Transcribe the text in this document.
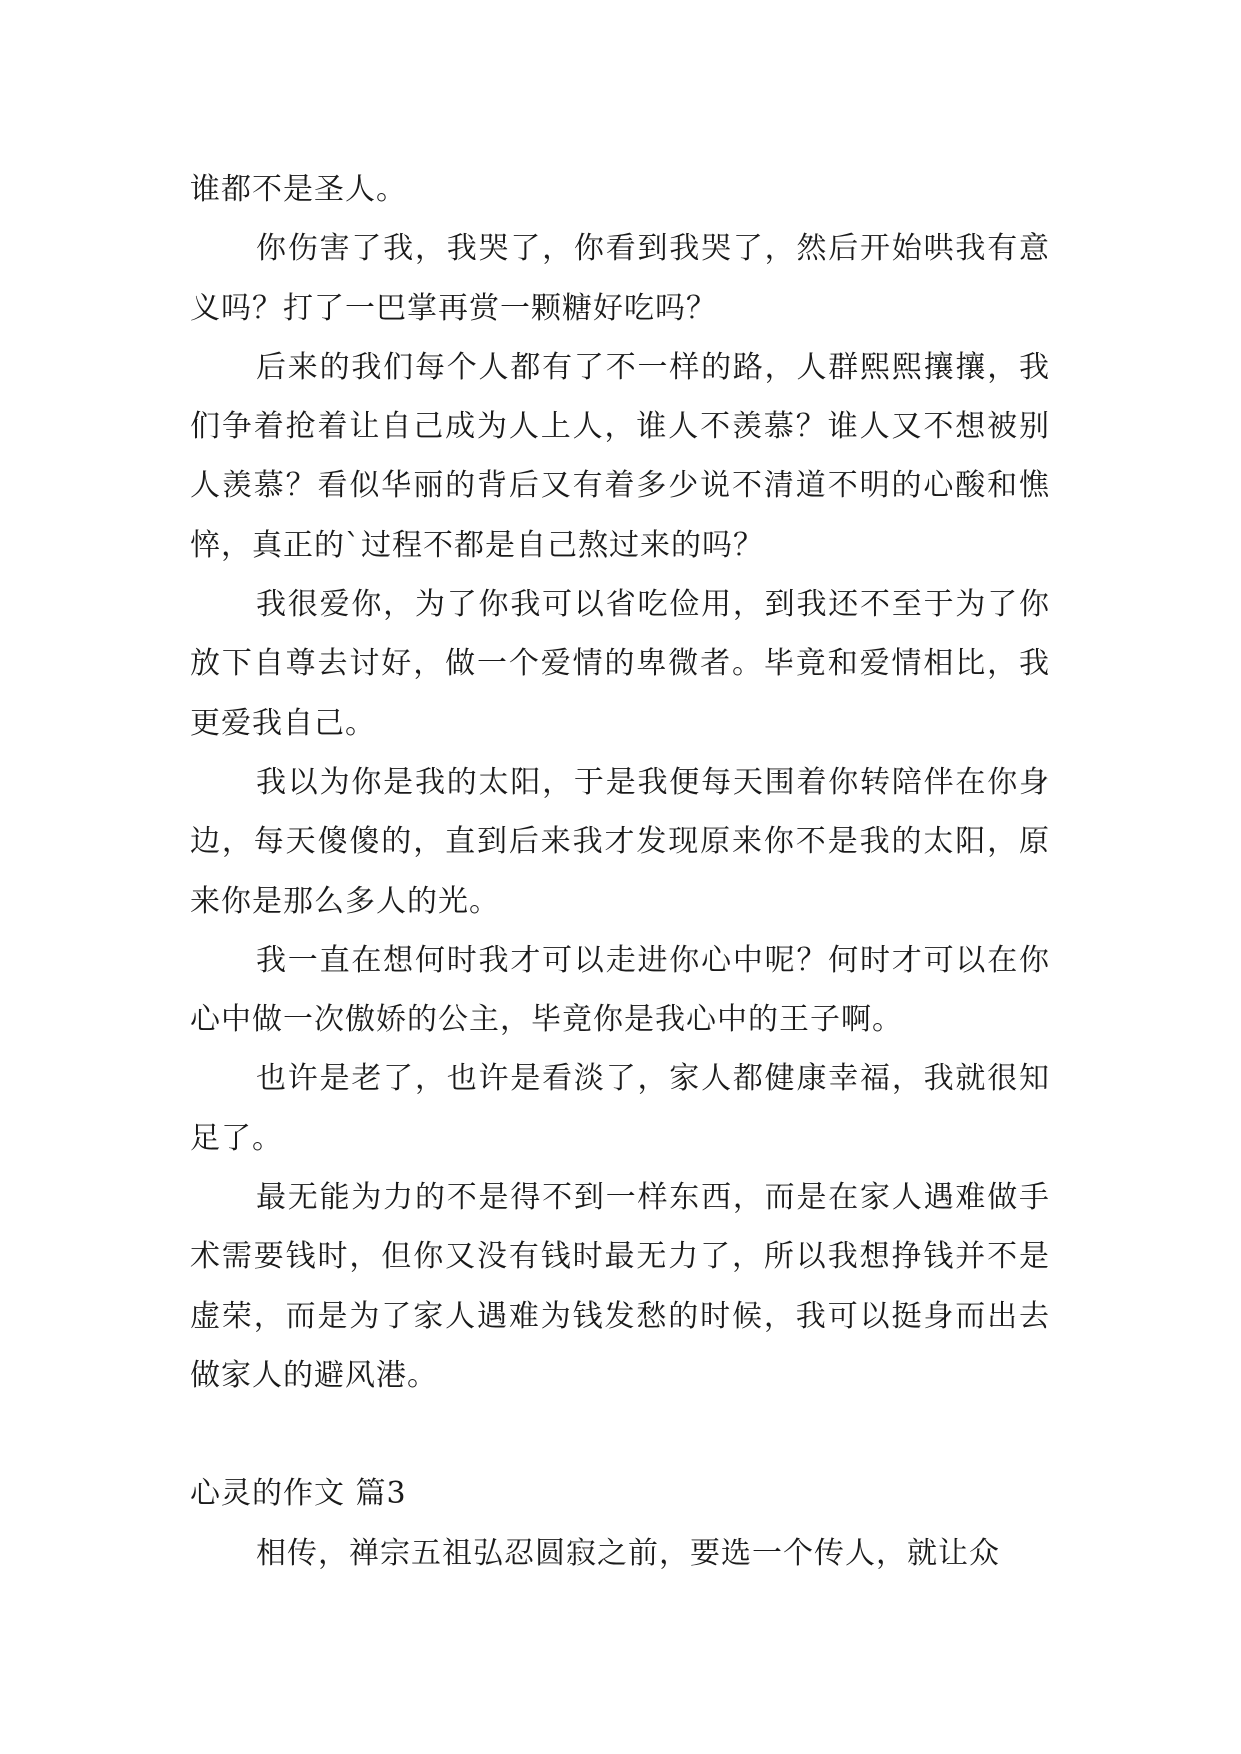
谁都不是圣人。

你伤害了我，我哭了，你看到我哭了，然后开始哄我有意义吗？打了一巴掌再赏一颗糖好吃吗？

后来的我们每个人都有了不一样的路，人群熙熙攘攘，我们争着抢着让自己成为人上人，谁人不羡慕？谁人又不想被别人羡慕？看似华丽的背后又有着多少说不清道不明的心酸和憔悴，真正的`过程不都是自己熬过来的吗？

我很爱你，为了你我可以省吃俭用，到我还不至于为了你放下自尊去讨好，做一个爱情的卑微者。毕竟和爱情相比，我更爱我自己。

我以为你是我的太阳，于是我便每天围着你转陪伴在你身边，每天傻傻的，直到后来我才发现原来你不是我的太阳，原来你是那么多人的光。

我一直在想何时我才可以走进你心中呢？何时才可以在你心中做一次傲娇的公主，毕竟你是我心中的王子啊。

也许是老了，也许是看淡了，家人都健康幸福，我就很知足了。

最无能为力的不是得不到一样东西，而是在家人遇难做手术需要钱时，但你又没有钱时最无力了，所以我想挣钱并不是虚荣，而是为了家人遇难为钱发愁的时候，我可以挺身而出去做家人的避风港。

心灵的作文 篇3

相传，禅宗五祖弘忍圆寂之前，要选一个传人，就让众
